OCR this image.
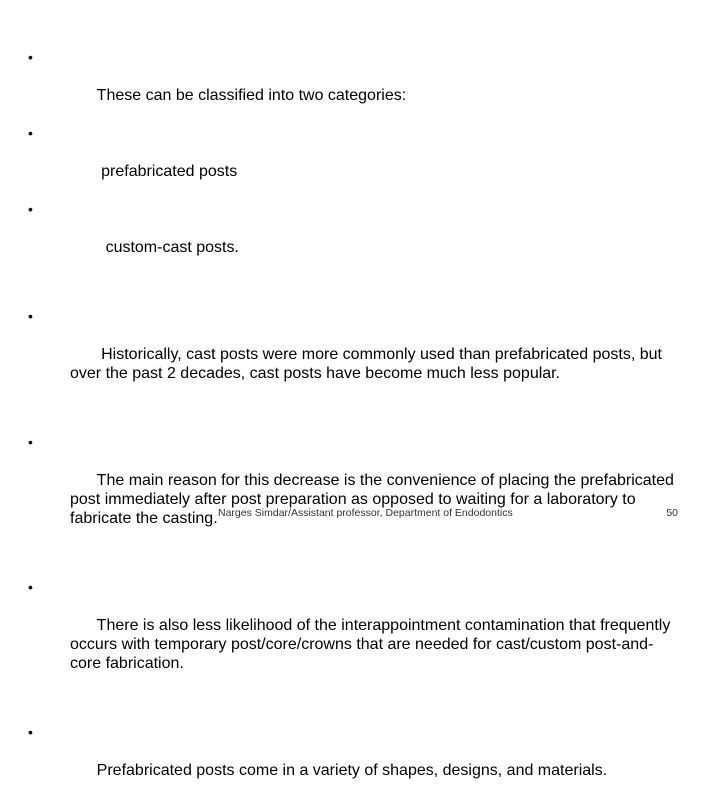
•

These can be classified into two categories:

•

prefabricated posts

•

custom-cast posts.

•

Historically, cast posts were more commonly used than prefabricated posts, but over the past 2 decades, cast posts have become much less popular.

•

The main reason for this decrease is the convenience of placing the prefabricated post immediately after post preparation as opposed to waiting for a laboratory to fabricate the casting.

•

There is also less likelihood of the interappointment contamination that frequently occurs with temporary post/core/crowns that are needed for cast/custom post-and-core fabrication.

•

Prefabricated posts come in a variety of shapes, designs, and materials.

Narges Simdar/Assistant professor, Department of Endodontics	50
